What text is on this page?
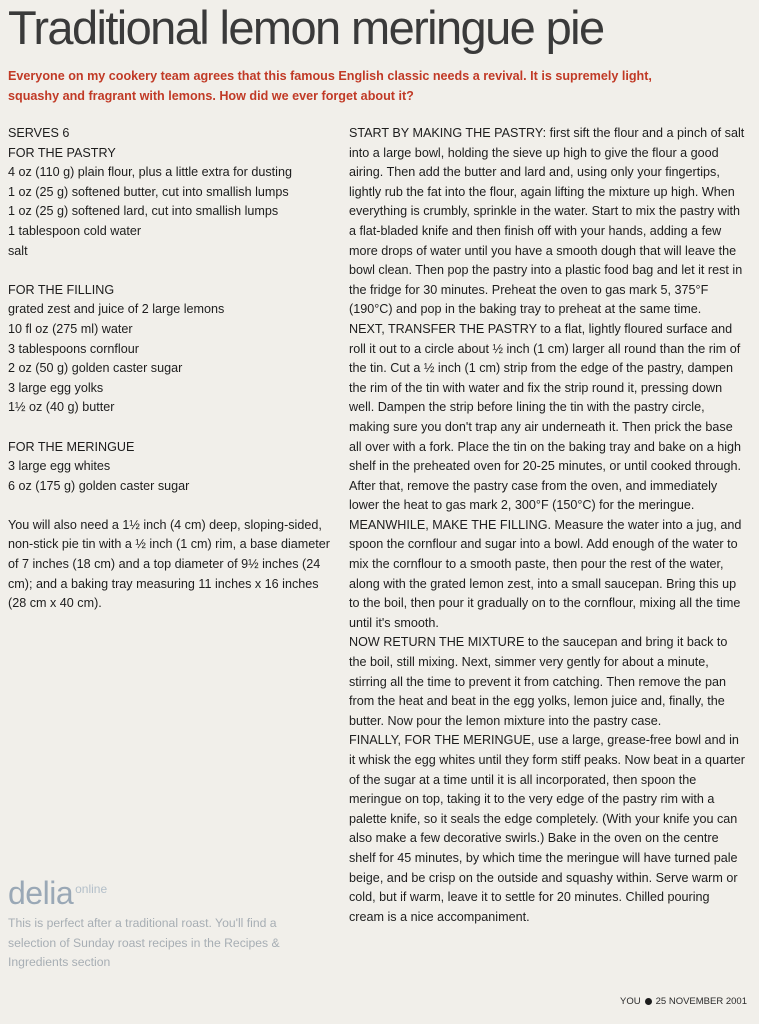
Traditional lemon meringue pie
Everyone on my cookery team agrees that this famous English classic needs a revival. It is supremely light, squashy and fragrant with lemons. How did we ever forget about it?
SERVES 6
FOR THE PASTRY
4 oz (110 g) plain flour, plus a little extra for dusting
1 oz (25 g) softened butter, cut into smallish lumps
1 oz (25 g) softened lard, cut into smallish lumps
1 tablespoon cold water
salt
FOR THE FILLING
grated zest and juice of 2 large lemons
10 fl oz (275 ml) water
3 tablespoons cornflour
2 oz (50 g) golden caster sugar
3 large egg yolks
1½ oz (40 g) butter
FOR THE MERINGUE
3 large egg whites
6 oz (175 g) golden caster sugar
You will also need a 1½ inch (4 cm) deep, sloping-sided, non-stick pie tin with a ½ inch (1 cm) rim, a base diameter of 7 inches (18 cm) and a top diameter of 9½ inches (24 cm); and a baking tray measuring 11 inches x 16 inches (28 cm x 40 cm).

START BY MAKING THE PASTRY: first sift the flour and a pinch of salt into a large bowl, holding the sieve up high to give the flour a good airing. Then add the butter and lard and, using only your fingertips, lightly rub the fat into the flour, again lifting the mixture up high. When everything is crumbly, sprinkle in the water. Start to mix the pastry with a flat-bladed knife and then finish off with your hands, adding a few more drops of water until you have a smooth dough that will leave the bowl clean. Then pop the pastry into a plastic food bag and let it rest in the fridge for 30 minutes. Preheat the oven to gas mark 5, 375°F (190°C) and pop in the baking tray to preheat at the same time.

NEXT, TRANSFER THE PASTRY to a flat, lightly floured surface and roll it out to a circle about ½ inch (1 cm) larger all round than the rim of the tin. Cut a ½ inch (1 cm) strip from the edge of the pastry, dampen the rim of the tin with water and fix the strip round it, pressing down well. Dampen the strip before lining the tin with the pastry circle, making sure you don't trap any air underneath it. Then prick the base all over with a fork. Place the tin on the baking tray and bake on a high shelf in the preheated oven for 20-25 minutes, or until cooked through. After that, remove the pastry case from the oven, and immediately lower the heat to gas mark 2, 300°F (150°C) for the meringue.

MEANWHILE, MAKE THE FILLING. Measure the water into a jug, and spoon the cornflour and sugar into a bowl. Add enough of the water to mix the cornflour to a smooth paste, then pour the rest of the water, along with the grated lemon zest, into a small saucepan. Bring this up to the boil, then pour it gradually on to the cornflour, mixing all the time until it's smooth.

NOW RETURN THE MIXTURE to the saucepan and bring it back to the boil, still mixing. Next, simmer very gently for about a minute, stirring all the time to prevent it from catching. Then remove the pan from the heat and beat in the egg yolks, lemon juice and, finally, the butter. Now pour the lemon mixture into the pastry case.

FINALLY, FOR THE MERINGUE, use a large, grease-free bowl and in it whisk the egg whites until they form stiff peaks. Now beat in a quarter of the sugar at a time until it is all incorporated, then spoon the meringue on top, taking it to the very edge of the pastry rim with a palette knife, so it seals the edge completely. (With your knife you can also make a few decorative swirls.) Bake in the oven on the centre shelf for 45 minutes, by which time the meringue will have turned pale beige, and be crisp on the outside and squashy within. Serve warm or cold, but if warm, leave it to settle for 20 minutes. Chilled pouring cream is a nice accompaniment.

delia online
This is perfect after a traditional roast. You'll find a selection of Sunday roast recipes in the Recipes & Ingredients section
YOU 25 NOVEMBER 2001
